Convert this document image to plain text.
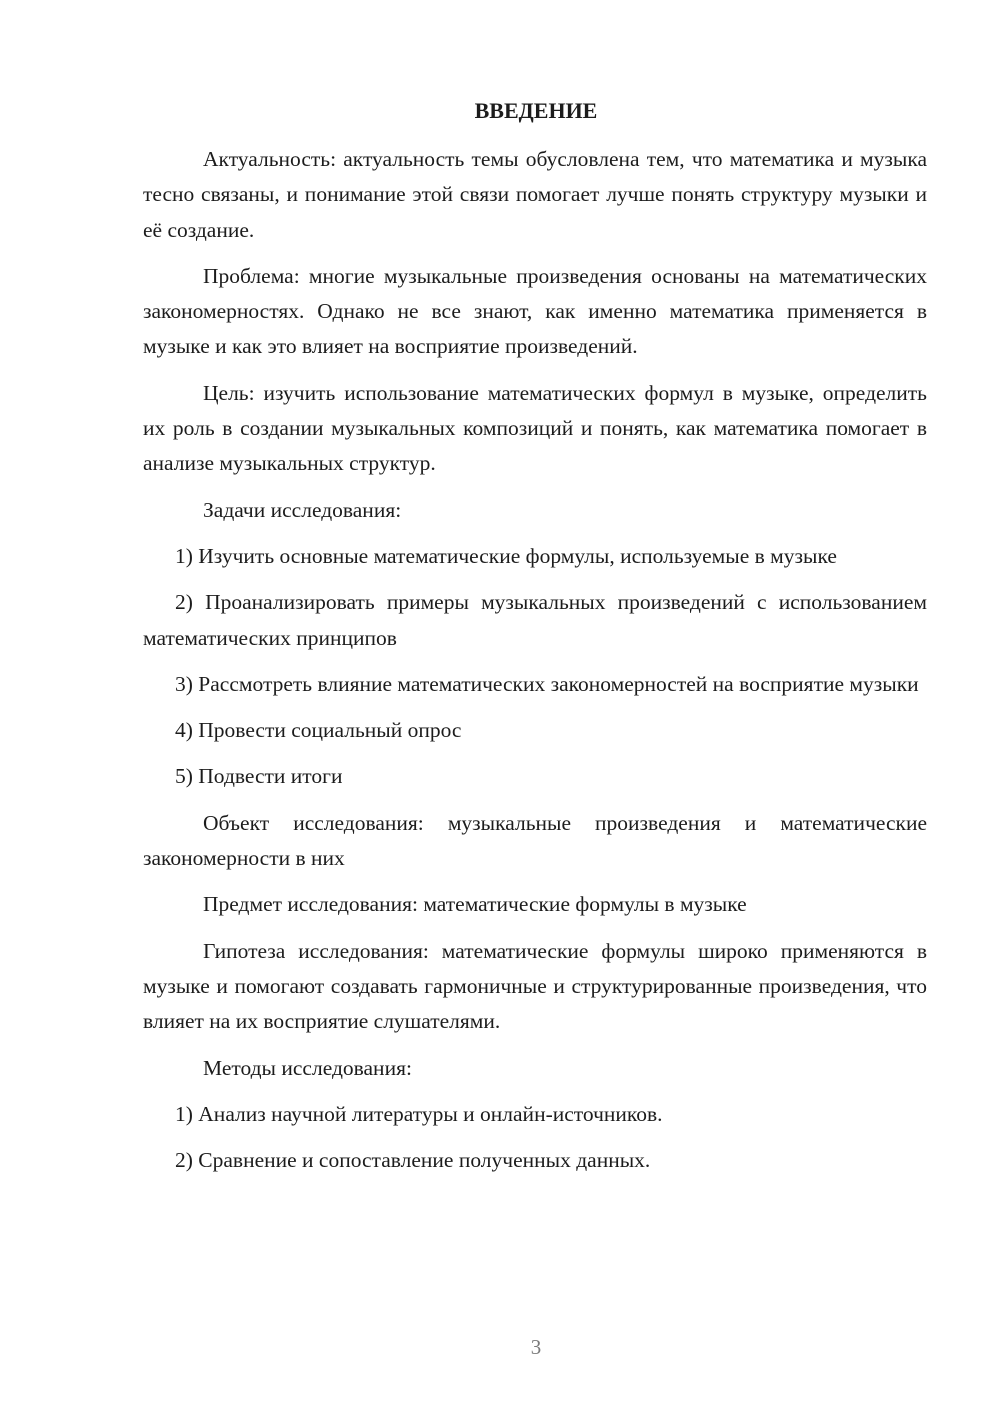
ВВЕДЕНИЕ

Актуальность: актуальность темы обусловлена тем, что математика и музыка тесно связаны, и понимание этой связи помогает лучше понять структуру музыки и её создание.

Проблема: многие музыкальные произведения основаны на математических закономерностях. Однако не все знают, как именно математика применяется в музыке и как это влияет на восприятие произведений.

Цель: изучить использование математических формул в музыке, определить их роль в создании музыкальных композиций и понять, как математика помогает в анализе музыкальных структур.

Задачи исследования:

1) Изучить основные математические формулы, используемые в музыке

2) Проанализировать примеры музыкальных произведений с использованием математических принципов

3) Рассмотреть влияние математических закономерностей на восприятие музыки

4) Провести социальный опрос

5) Подвести итоги

Объект исследования: музыкальные произведения и математические закономерности в них

Предмет исследования: математические формулы в музыке

Гипотеза исследования: математические формулы широко применяются в музыке и помогают создавать гармоничные и структурированные произведения, что влияет на их восприятие слушателями.

Методы исследования:

1) Анализ научной литературы и онлайн-источников.

2) Сравнение и сопоставление полученных данных.

3
